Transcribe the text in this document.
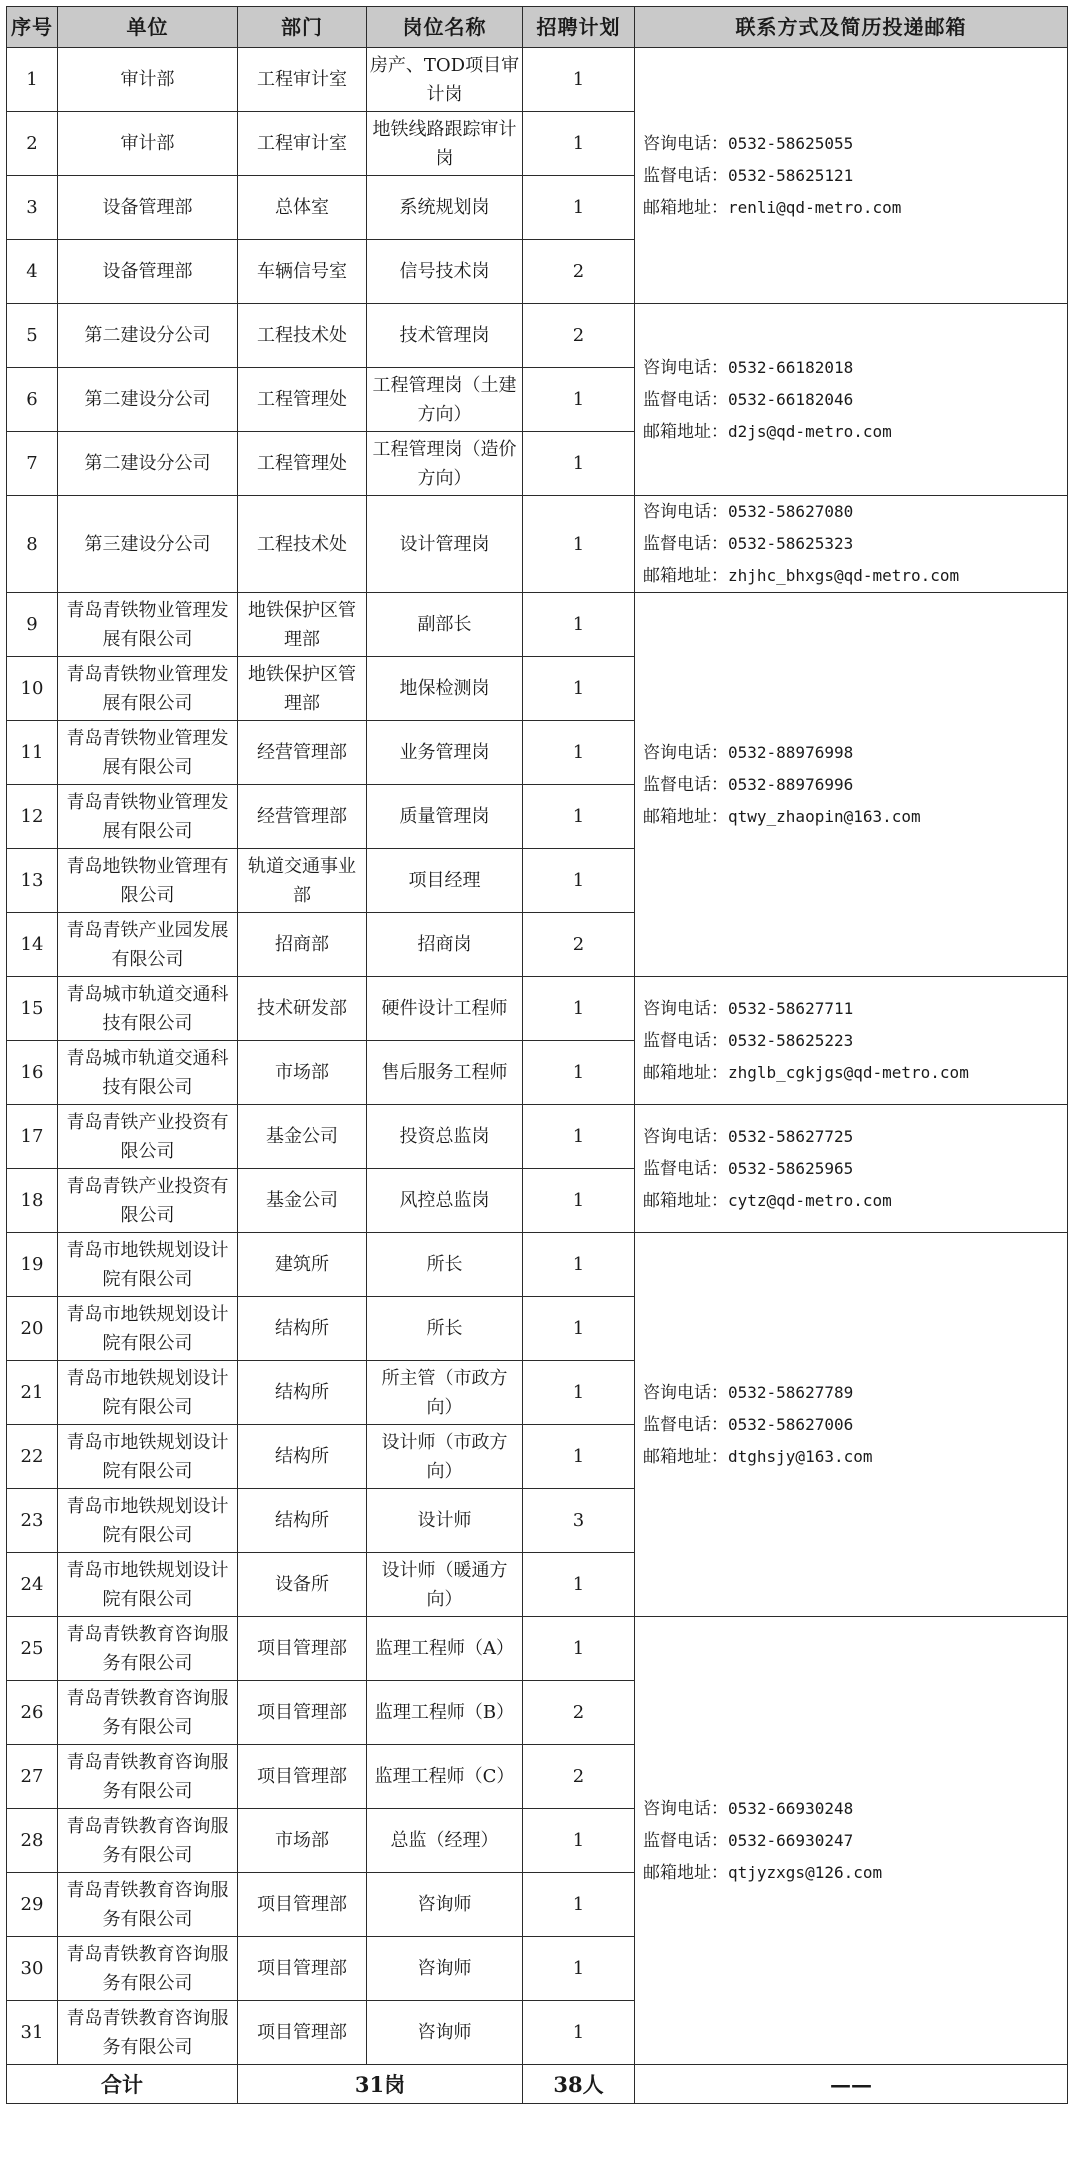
序号	单位	部门	岗位名称	招聘计划	联系方式及简历投递邮箱
1	审计部	工程审计室	房产、TOD项目审计岗	1	咨询电话：0532-58625055
监督电话：0532-58625121
邮箱地址：renli@qd-metro.com

2	审计部	工程审计室	地铁线路跟踪审计岗	1	
3	设备管理部	总体室	系统规划岗	1	
4	设备管理部	车辆信号室	信号技术岗	2	
5	第二建设分公司	工程技术处	技术管理岗	2	咨询电话：0532-66182018
监督电话：0532-66182046
邮箱地址：d2js@qd-metro.com

6	第二建设分公司	工程管理处	工程管理岗（土建方向）	1	
7	第二建设分公司	工程管理处	工程管理岗（造价方向）	1	
8	第三建设分公司	工程技术处	设计管理岗	1	咨询电话：0532-58627080
监督电话：0532-58625323
邮箱地址：zhjhc_bhxgs@qd-metro.com

9	青岛青铁物业管理发展有限公司	地铁保护区管理部	副部长	1	咨询电话：0532-88976998
监督电话：0532-88976996
邮箱地址：qtwy_zhaopin@163.com

10	青岛青铁物业管理发展有限公司	地铁保护区管理部	地保检测岗	1	
11	青岛青铁物业管理发展有限公司	经营管理部	业务管理岗	1	
12	青岛青铁物业管理发展有限公司	经营管理部	质量管理岗	1	
13	青岛地铁物业管理有限公司	轨道交通事业部	项目经理	1	
14	青岛青铁产业园发展有限公司	招商部	招商岗	2	
15	青岛城市轨道交通科技有限公司	技术研发部	硬件设计工程师	1	咨询电话：0532-58627711
监督电话：0532-58625223
邮箱地址：zhglb_cgkjgs@qd-metro.com

16	青岛城市轨道交通科技有限公司	市场部	售后服务工程师	1	
17	青岛青铁产业投资有限公司	基金公司	投资总监岗	1	咨询电话：0532-58627725
监督电话：0532-58625965
邮箱地址：cytz@qd-metro.com

18	青岛青铁产业投资有限公司	基金公司	风控总监岗	1	
19	青岛市地铁规划设计院有限公司	建筑所	所长	1	咨询电话：0532-58627789
监督电话：0532-58627006
邮箱地址：dtghsjy@163.com

20	青岛市地铁规划设计院有限公司	结构所	所长	1	
21	青岛市地铁规划设计院有限公司	结构所	所主管（市政方向）	1	
22	青岛市地铁规划设计院有限公司	结构所	设计师（市政方向）	1	
23	青岛市地铁规划设计院有限公司	结构所	设计师	3	
24	青岛市地铁规划设计院有限公司	设备所	设计师（暖通方向）	1	
25	青岛青铁教育咨询服务有限公司	项目管理部	监理工程师（A）	1	咨询电话：0532-66930248
监督电话：0532-66930247
邮箱地址：qtjyzxgs@126.com

26	青岛青铁教育咨询服务有限公司	项目管理部	监理工程师（B）	2	
27	青岛青铁教育咨询服务有限公司	项目管理部	监理工程师（C）	2	
28	青岛青铁教育咨询服务有限公司	市场部	总监（经理）	1	
29	青岛青铁教育咨询服务有限公司	项目管理部	咨询师	1	
30	青岛青铁教育咨询服务有限公司	项目管理部	咨询师	1	
31	青岛青铁教育咨询服务有限公司	项目管理部	咨询师	1	
合计		31岗		38人	——
